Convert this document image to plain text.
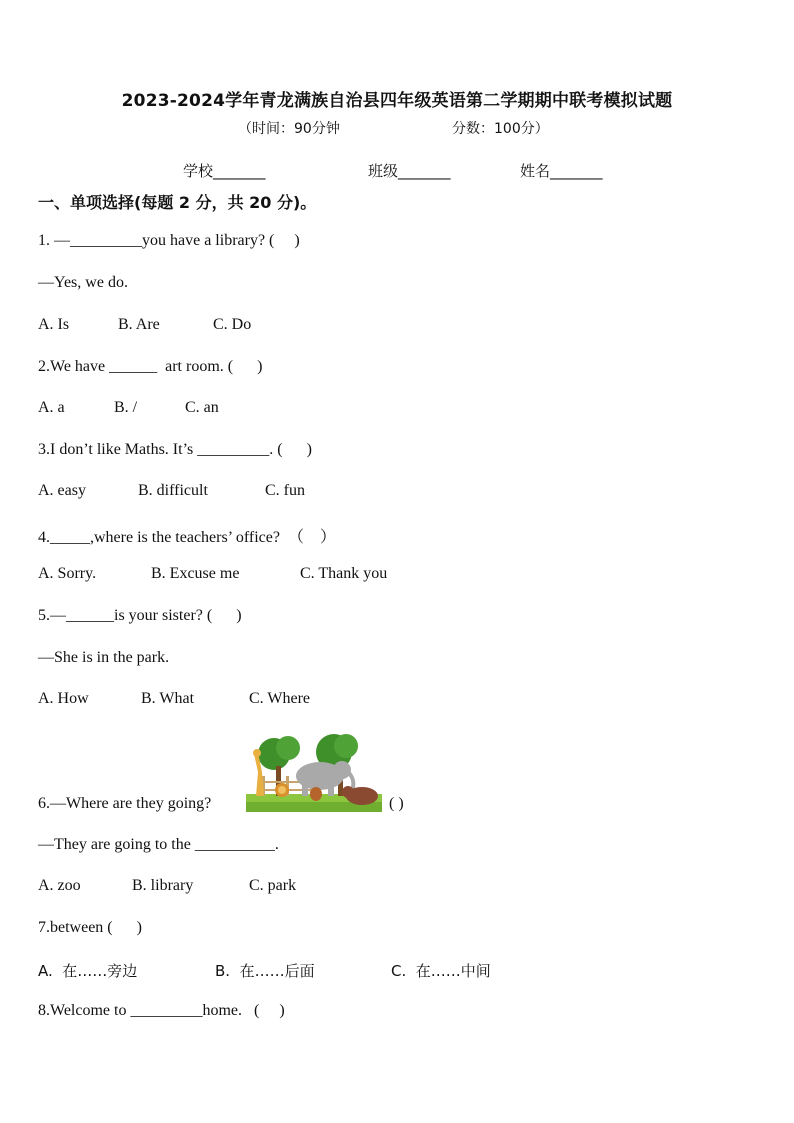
2023-2024学年青龙满族自治县四年级英语第二学期期中联考模拟试题
（时间：90分钟	分数：100分）
学校_______	班级_______	姓名_______
一、单项选择(每题 2 分，共 20 分)。
1. —_________you have a library? (     )
—Yes, we do.
A. Is	B. Are	C. Do
2.We have ______  art room. (      )
A. a	B. /	C. an
3.I don’t like Maths. It’s _________. (      )
A. easy	B. difficult	C. fun
4._____,where is the teachers’ office?  （    ）
A. Sorry.	B. Excuse me	C. Thank you
5.—______is your sister? (      )
—She is in the park.
A. How	B. What	C. Where
6.—Where are they going?	( )
—They are going to the __________.
A. zoo	B. library	C. park
7.between (      )
A.  在……旁边	B.  在……后面	C.  在……中间
8.Welcome to _________home.   (     )
